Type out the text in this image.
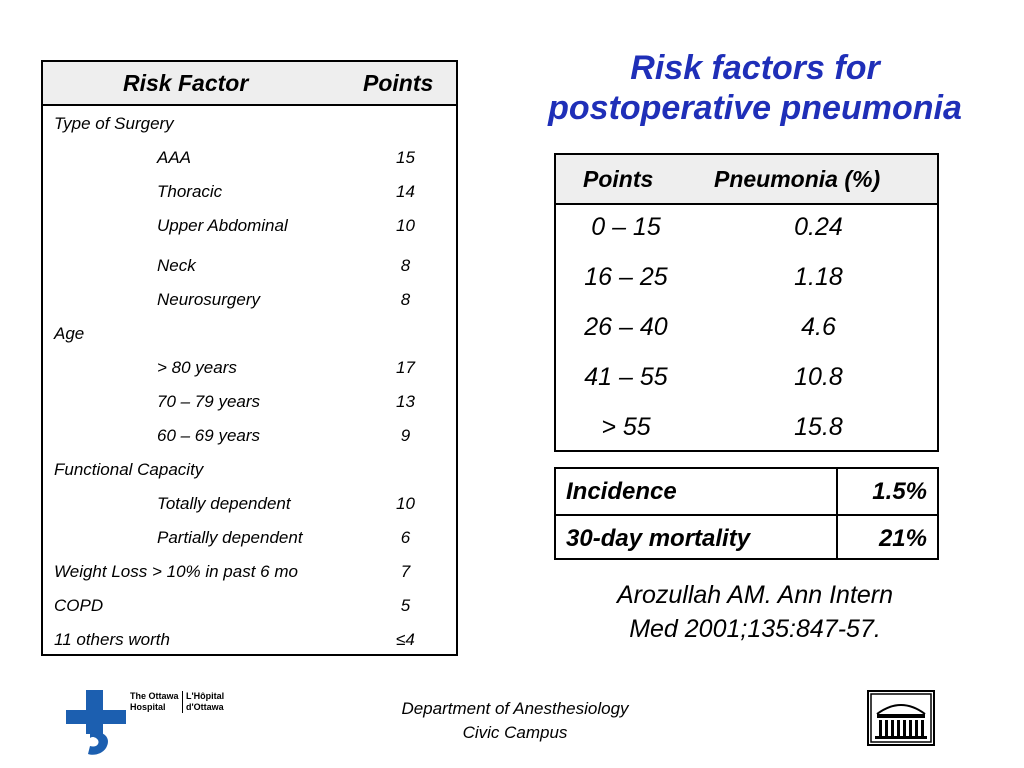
Risk Factor	Points
Type of Surgery
AAA	15
Thoracic	14
Upper Abdominal	10
Neck	8
Neurosurgery	8
Age
> 80 years	17
70 – 79 years	13
60 – 69 years	9
Functional Capacity
Totally dependent	10
Partially dependent	6
Weight Loss > 10% in past 6 mo	7
COPD	5
11 others worth	≤4
Risk factors for
postoperative pneumonia
Points	Pneumonia (%)
0 – 15	0.24
16 – 25	1.18
26 – 40	4.6
41 – 55	10.8
> 55	15.8
Incidence	1.5%
30-day mortality	21%
Arozullah AM. Ann Intern
Med 2001;135:847-57.
The Ottawa
Hospital
L'Hôpital
d'Ottawa	Department of Anesthesiology
Civic Campus
